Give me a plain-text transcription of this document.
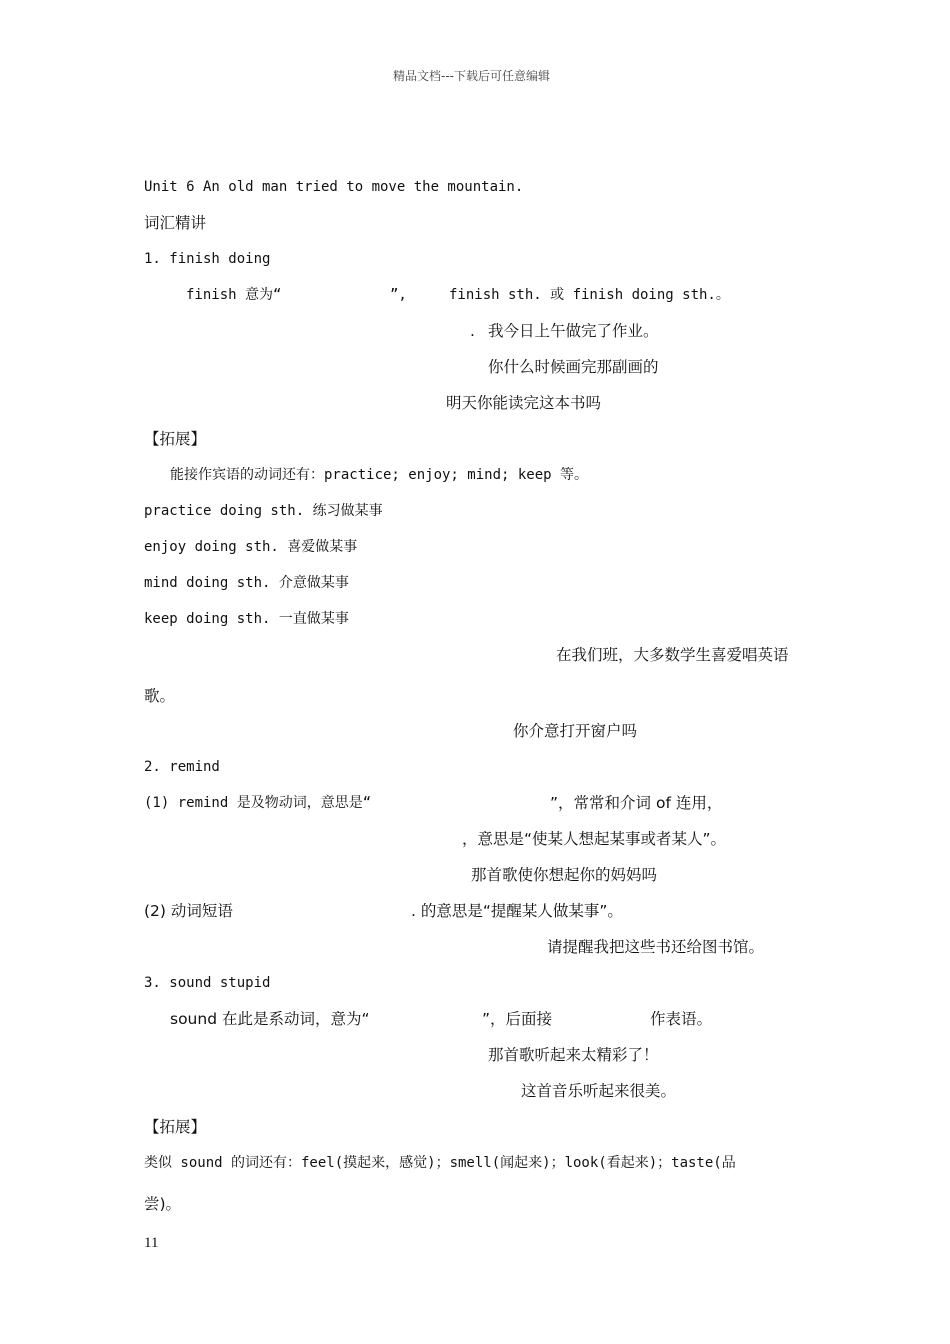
精品文档---下载后可任意编辑
Unit 6 An old man tried to move the mountain.
词汇精讲
1. finish doing
finish 意为“	”,	finish sth. 或 finish doing sth.。
. 我今日上午做完了作业。
你什么时候画完那副画的
明天你能读完这本书吗
【拓展】
能接作宾语的动词还有：practice; enjoy; mind; keep 等。
practice doing sth. 练习做某事
enjoy doing sth. 喜爱做某事
mind doing sth. 介意做某事
keep doing sth. 一直做某事
在我们班，大多数学生喜爱唱英语
歌。
你介意打开窗户吗
2. remind
(1) remind 是及物动词，意思是“	”，常常和介词 of 连用，
，意思是“使某人想起某事或者某人”。
那首歌使你想起你的妈妈吗
(2) 动词短语	. 的意思是“提醒某人做某事”。
请提醒我把这些书还给图书馆。
3. sound stupid
sound 在此是系动词，意为“	”，后面接	作表语。
那首歌听起来太精彩了！
这首音乐听起来很美。
【拓展】
类似 sound 的词还有：feel(摸起来，感觉)；smell(闻起来)；look(看起来)；taste(品
尝)。
11
